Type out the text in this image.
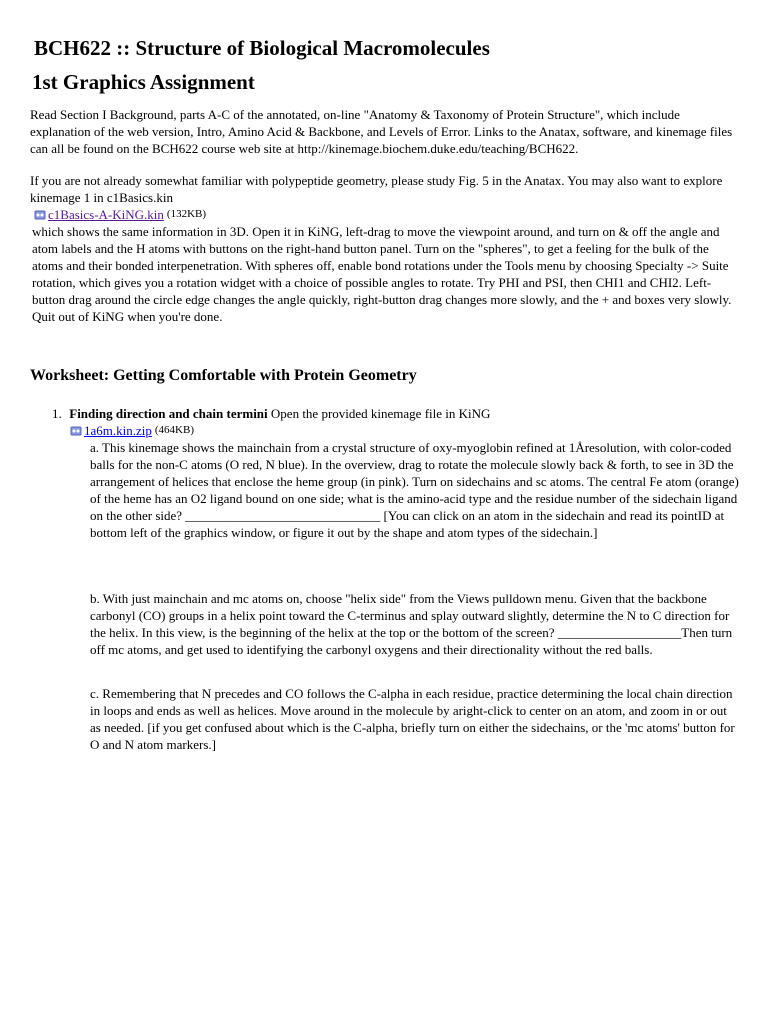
BCH622 :: Structure of Biological Macromolecules
1st Graphics Assignment

Read Section I Background, parts A-C of the annotated, on-line "Anatomy & Taxonomy of Protein Structure", which include explanation of the web version, Intro, Amino Acid & Backbone, and Levels of Error. Links to the Anatax, software, and kinemage files can all be found on the BCH622 course web site at http://kinemage.biochem.duke.edu/teaching/BCH622.

If you are not already somewhat familiar with polypeptide geometry, please study Fig. 5 in the Anatax. You may also want to explore kinemage 1 in c1Basics.kin

c1Basics-A-KiNG.kin (132KB)

which shows the same information in 3D. Open it in KiNG, left-drag to move the viewpoint around, and turn on & off the angle and atom labels and the H atoms with buttons on the right-hand button panel. Turn on the "spheres", to get a feeling for the bulk of the atoms and their bonded interpenetration. With spheres off, enable bond rotations under the Tools menu by choosing Specialty -> Suite rotation, which gives you a rotation widget with a choice of possible angles to rotate. Try PHI and PSI, then CHI1 and CHI2. Left-button drag around the circle edge changes the angle quickly, right-button drag changes more slowly, and the + and boxes very slowly. Quit out of KiNG when you're done.

Worksheet: Getting Comfortable with Protein Geometry
1. Finding direction and chain termini Open the provided kinemage file in KiNG
1a6m.kin.zip (464KB)

a. This kinemage shows the mainchain from a crystal structure of oxy-myoglobin refined at 1Åresolution, with color-coded balls for the non-C atoms (O red, N blue). In the overview, drag to rotate the molecule slowly back & forth, to see in 3D the arrangement of helices that enclose the heme group (in pink). Turn on sidechains and sc atoms. The central Fe atom (orange) of the heme has an O2 ligand bound on one side; what is the amino-acid type and the residue number of the sidechain ligand on the other side? ______________________________ [You can click on an atom in the sidechain and read its pointID at bottom left of the graphics window, or figure it out by the shape and atom types of the sidechain.]

b. With just mainchain and mc atoms on, choose "helix side" from the Views pulldown menu. Given that the backbone carbonyl (CO) groups in a helix point toward the C-terminus and splay outward slightly, determine the N to C direction for the helix. In this view, is the beginning of the helix at the top or the bottom of the screen? ___________________Then turn off mc atoms, and get used to identifying the carbonyl oxygens and their directionality without the red balls.

c. Remembering that N precedes and CO follows the C-alpha in each residue, practice determining the local chain direction in loops and ends as well as helices. Move around in the molecule by aright-click to center on an atom, and zoom in or out as needed. [if you get confused about which is the C-alpha, briefly turn on either the sidechains, or the 'mc atoms' button for O and N atom markers.]
